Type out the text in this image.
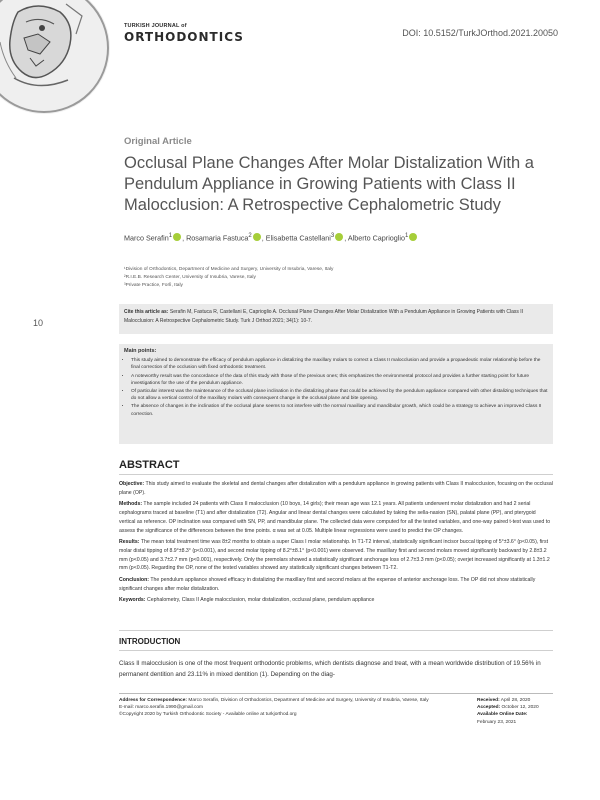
TURKISH JOURNAL of
ORTHODONTICS	DOI: 10.5152/TurkJOrthod.2021.20050
Original Article
Occlusal Plane Changes After Molar Distalization With a Pendulum Appliance in Growing Patients with Class II Malocclusion: A Retrospective Cephalometric Study
Marco Serafin$^1$ , Rosamaria Fastuca$^2$ , Elisabetta Castellani$^3$ , Alberto Caprioglio$^1$
¹Division of Orthodontics, Department of Medicine and Surgery, University of Insubria, Varese, Italy
²R.I.E.B. Research Center, University of Insubria, Varese, Italy
³Private Practice, Forlì, Italy
10
Cite this article as: Serafin M, Fastuca R, Castellani E, Caprioglio A. Occlusal Plane Changes After Molar Distalization With a Pendulum Appliance in Growing Patients with Class II Malocclusion: A Retrospective Cephalometric Study. Turk J Orthod 2021; 34(1): 10-7.
Main points:
• This study aimed to demonstrate the efficacy of pendulum appliance in distalizing the maxillary molars to correct a Class II malocclusion and provide a propaedeutic molar relationship before the final correction of the occlusion with fixed orthodontic treatment.
• A noteworthy result was the concordance of the data of this study with those of the previous ones; this emphasizes the environmental protocol and provides a further starting point for future investigations for the use of the pendulum appliance.
• Of particular interest was the maintenance of the occlusal plane inclination in the distalizing phase that could be achieved by the pendulum appliance compared with other distalizing techniques that do not allow a vertical control of the maxillary molars with consequent change in the occlusal plane and bite opening.
• The absence of changes in the inclination of the occlusal plane seems to not interfere with the normal maxillary and mandibular growth, which could be a strategy to achieve an improved Class II correction.
ABSTRACT

Objective: This study aimed to evaluate the skeletal and dental changes after distalization with a pendulum appliance in growing patients with Class II malocclusion, focusing on the occlusal plane (OP).

Methods: The sample included 24 patients with Class II malocclusion (10 boys, 14 girls); their mean age was 12.1 years. All patients underwent molar distalization and had 2 serial cephalograms traced at baseline (T1) and after distalization (T2). Angular and linear dental changes were calculated by taking the sella-nasion (SN), palatal plane (PP), and pterygoid vertical as reference. OP inclination was compared with SN, PP, and mandibular plane. The collected data were computed for all the tested variables, and one-way paired t-test was used to assess the significance of the differences between the time points. α was set at 0.05. Multiple linear regressions were used to predict the OP changes.

Results: The mean total treatment time was 8±2 months to obtain a super Class I molar relationship. In T1-T2 interval, statistically significant incisor buccal tipping of 5°±3.6° (p<0.05), first molar distal tipping of 8.9°±8.3° (p<0.001), and second molar tipping of 8.2°±8.1° (p<0.001) were observed. The maxillary first and second molars moved significantly backward by 2.8±3.2 mm (p<0.05) and 3.7±2.7 mm (p<0.001), respectively. Only the premolars showed a statistically significant anchorage loss of 2.7±3.3 mm (p<0.05); overjet increased significantly at 1.3±1.2 mm (p<0.05). Regarding the OP, none of the tested variables showed any statistically significant changes between T1-T2.

Conclusion: The pendulum appliance showed efficacy in distalizing the maxillary first and second molars at the expense of anterior anchorage loss. The OP did not show statistically significant changes after molar distalization.

Keywords: Cephalometry, Class II Angle malocclusion, molar distalization, occlusal plane, pendulum appliance

INTRODUCTION
Class II malocclusion is one of the most frequent orthodontic problems, which dentists diagnose and treat, with a mean worldwide distribution of 19.56% in permanent dentition and 23.11% in mixed dentition (1). Depending on the diag-
Address for Correspondence: Marco Serafin, Division of Orthodontics, Department of Medicine and Surgery, University of Insubria, Varese, Italy
E-mail: marco.serafin.1990@gmail.com
©Copyright 2020 by Turkish Orthodontic Society - Available online at turkjorthod.org
Received: April 28, 2020
Accepted: October 12, 2020
Available Online Date:
February 23, 2021
